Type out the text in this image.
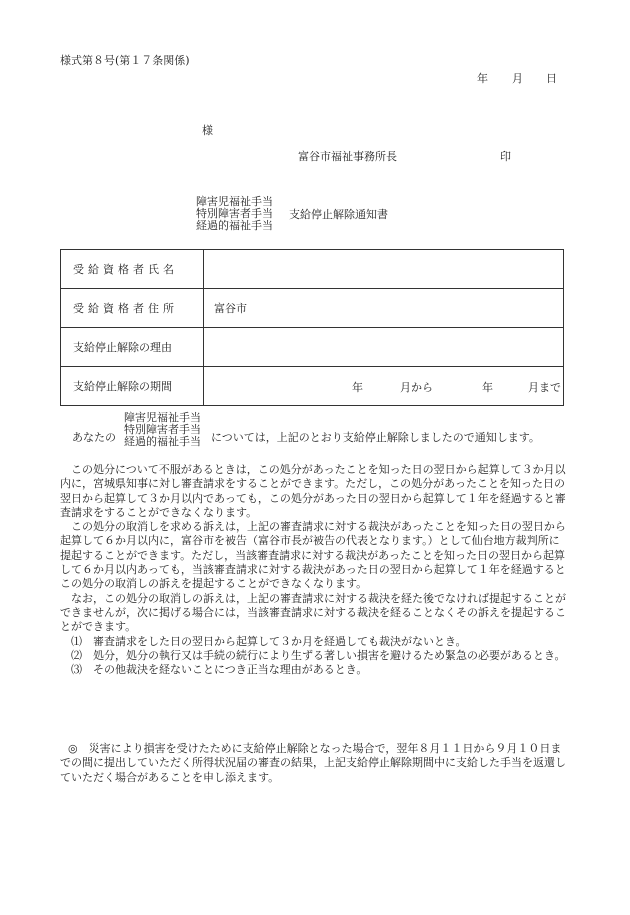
様式第８号(第１７条関係)
年 月 日
様
富谷市福祉事務所長	印
障害児福祉手当
特別障害者手当
経過的福祉手当
支給停止解除通知書
受給資格者氏名	
受給資格者住所	富谷市
支給停止解除の理由	
支給停止解除の期間	年 月から 年 月まで
あなたの
障害児福祉手当
特別障害者手当
経過的福祉手当 については，上記のとおり支給停止解除しましたので通知します。

この処分について不服があるときは，この処分があったことを知った日の翌日から起算して３か月以内に，宮城県知事に対し審査請求をすることができます。ただし，この処分があったことを知った日の翌日から起算して３か月以内であっても，この処分があった日の翌日から起算して１年を経過すると審査請求をすることができなくなります。

この処分の取消しを求める訴えは，上記の審査請求に対する裁決があったことを知った日の翌日から起算して６か月以内に，富谷市を被告（富谷市長が被告の代表となります。）として仙台地方裁判所に提起することができます。ただし，当該審査請求に対する裁決があったことを知った日の翌日から起算して６か月以内あっても，当該審査請求に対する裁決があった日の翌日から起算して１年を経過するとこの処分の取消しの訴えを提起することができなくなります。

なお，この処分の取消しの訴えは，上記の審査請求に対する裁決を経た後でなければ提起することができませんが，次に掲げる場合には，当該審査請求に対する裁決を経ることなくその訴えを提起することができます。

⑴　審査請求をした日の翌日から起算して３か月を経過しても裁決がないとき。

⑵　処分，処分の執行又は手続の続行により生ずる著しい損害を避けるため緊急の必要があるとき。

⑶　その他裁決を経ないことにつき正当な理由があるとき。

◎　災害により損害を受けたために支給停止解除となった場合で，翌年８月１１日から９月１０日までの間に提出していただく所得状況届の審査の結果，上記支給停止解除期間中に支給した手当を返還していただく場合があることを申し添えます。
